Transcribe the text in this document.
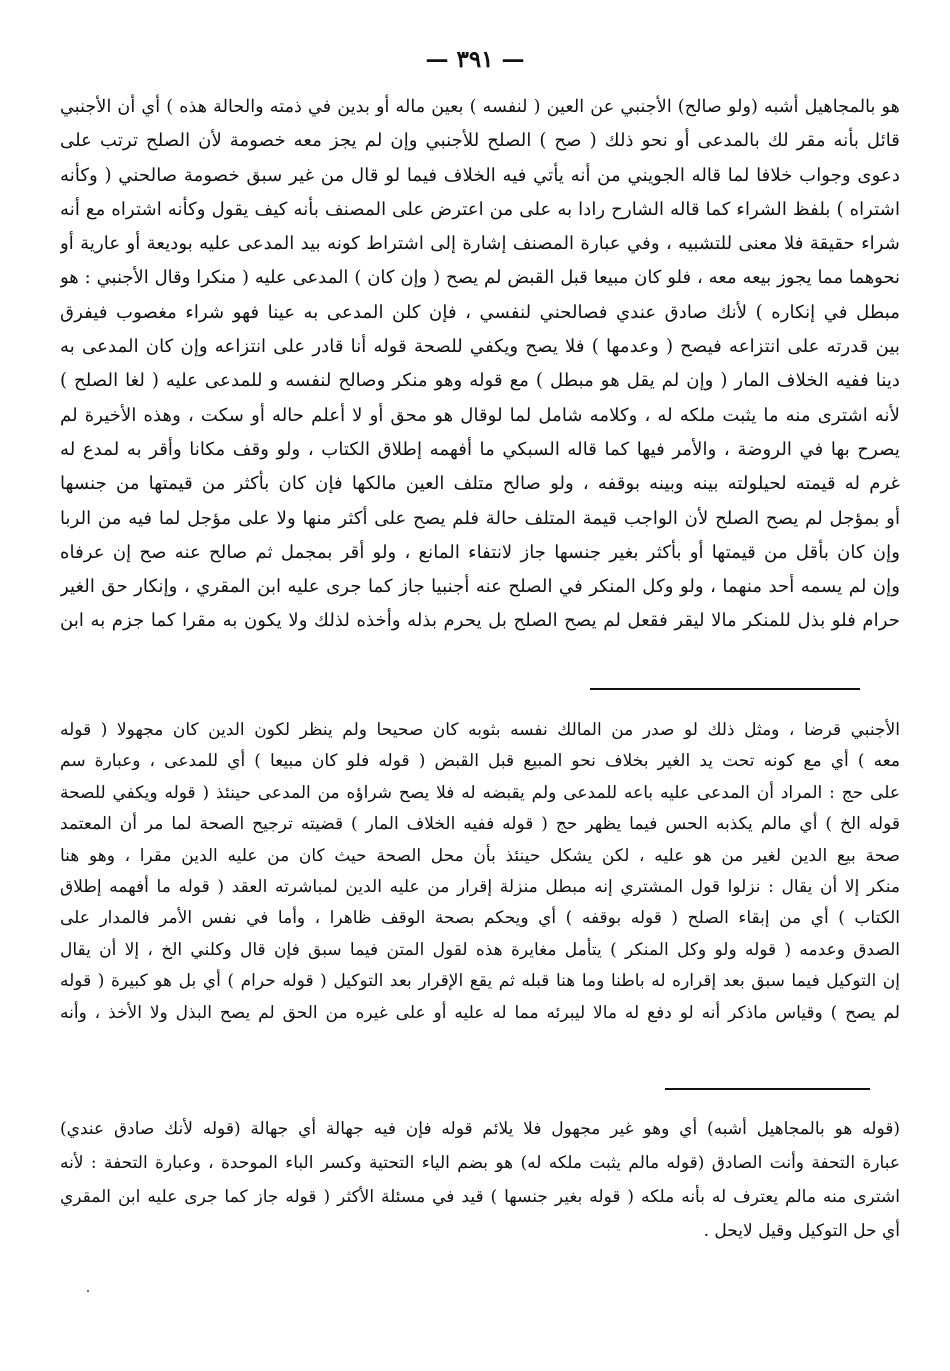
— ٣٩١ —
هو بالمجاهيل أشبه (ولو صالح) الأجنبي عن العين ( لنفسه ) بعين ماله أو بدين في ذمته والحالة هذه ) أي أن الأجنبي
قائل بأنه مقر لك بالمدعى أو نحو ذلك ( صح ) الصلح للأجنبي وإن لم يجز معه خصومة لأن الصلح ترتب على
دعوى وجواب خلافا لما قاله الجويني من أنه يأتي فيه الخلاف فيما لو قال من غير سبق خصومة صالحني ( وكأنه
اشتراه ) بلفظ الشراء كما قاله الشارح رادا به على من اعترض على المصنف بأنه كيف يقول وكأنه اشتراه مع أنه
شراء حقيقة فلا معنى للتشبيه ، وفي عبارة المصنف إشارة إلى اشتراط كونه بيد المدعى عليه بوديعة أو عارية أو
نحوهما مما يجوز بيعه معه ، فلو كان مبيعا قبل القبض لم يصح ( وإن كان ) المدعى عليه ( منكرا وقال الأجنبي : هو
مبطل في إنكاره ) لأنك صادق عندي فصالحني لنفسي ، فإن كلن المدعى به عينا فهو شراء مغصوب فيفرق
بين قدرته على انتزاعه فيصح ( وعدمها ) فلا يصح ويكفي للصحة قوله أنا قادر على انتزاعه وإن كان المدعى به
دينا ففيه الخلاف المار ( وإن لم يقل هو مبطل ) مع قوله وهو منكر وصالح لنفسه و للمدعى عليه ( لغا الصلح )
لأنه اشترى منه ما يثبت ملكه له ، وكلامه شامل لما لوقال هو محق أو لا أعلم حاله أو سكت ، وهذه الأخيرة لم
يصرح بها في الروضة ، والأمر فيها كما قاله السبكي ما أفهمه إطلاق الكتاب ، ولو وقف مكانا وأقر به لمدع له
غرم له قيمته لحيلولته بينه وبينه بوقفه ، ولو صالح متلف العين مالكها فإن كان بأكثر من قيمتها من جنسها
أو بمؤجل لم يصح الصلح لأن الواجب قيمة المتلف حالة فلم يصح على أكثر منها ولا على مؤجل لما فيه من الربا
وإن كان بأقل من قيمتها أو بأكثر بغير جنسها جاز لانتفاء المانع ، ولو أقر بمجمل ثم صالح عنه صح إن عرفاه
وإن لم يسمه أحد منهما ، ولو وكل المنكر في الصلح عنه أجنبيا جاز كما جرى عليه ابن المقري ، وإنكار حق الغير
حرام فلو بذل للمنكر مالا ليقر فقعل لم يصح الصلح بل يحرم بذله وأخذه لذلك ولا يكون به مقرا كما جزم به ابن
الأجنبي قرضا ، ومثل ذلك لو صدر من المالك نفسه بثوبه كان صحيحا ولم ينظر لكون الدين كان مجهولا ( قوله
معه ) أي مع كونه تحت يد الغير بخلاف نحو المبيع قبل القبض ( قوله فلو كان مبيعا ) أي للمدعى ، وعبارة سم
على حج : المراد أن المدعى عليه باعه للمدعى ولم يقبضه له فلا يصح شراؤه من المدعى حينئذ ( قوله ويكفي للصحة
قوله الخ ) أي مالم يكذبه الحس فيما يظهر حج ( قوله ففيه الخلاف المار ) قضيته ترجيح الصحة لما مر أن المعتمد
صحة بيع الدين لغير من هو عليه ، لكن يشكل حينئذ بأن محل الصحة حيث كان من عليه الدين مقرا ، وهو هنا
منكر إلا أن يقال : نزلوا قول المشتري إنه مبطل منزلة إقرار من عليه الدين لمباشرته العقد ( قوله ما أفهمه إطلاق
الكتاب ) أي من إبقاء الصلح ( قوله بوقفه ) أي ويحكم بصحة الوقف ظاهرا ، وأما في نفس الأمر فالمدار على
الصدق وعدمه ( قوله ولو وكل المنكر ) يتأمل مغايرة هذه لقول المتن فيما سبق فإن قال وكلني الخ ، إلا أن يقال
إن التوكيل فيما سبق بعد إقراره له باطنا وما هنا قبله ثم يقع الإقرار بعد التوكيل ( قوله حرام ) أي بل هو كبيرة ( قوله
لم يصح ) وقياس ماذكر أنه لو دفع له مالا ليبرئه مما له عليه أو على غيره من الحق لم يصح البذل ولا الأخذ ، وأنه
(قوله هو بالمجاهيل أشبه) أي وهو غير مجهول فلا يلائم قوله فإن فيه جهالة أي جهالة (قوله لأنك صادق عندي)
عبارة التحفة وأنت الصادق (قوله مالم يثبت ملكه له) هو بضم الياء التحتية وكسر الباء الموحدة ، وعبارة التحفة : لأنه
اشترى منه مالم يعترف له بأنه ملكه ( قوله بغير جنسها ) قيد في مسئلة الأكثر ( قوله جاز كما جرى عليه ابن المقري
أي حل التوكيل وقيل لايحل .
